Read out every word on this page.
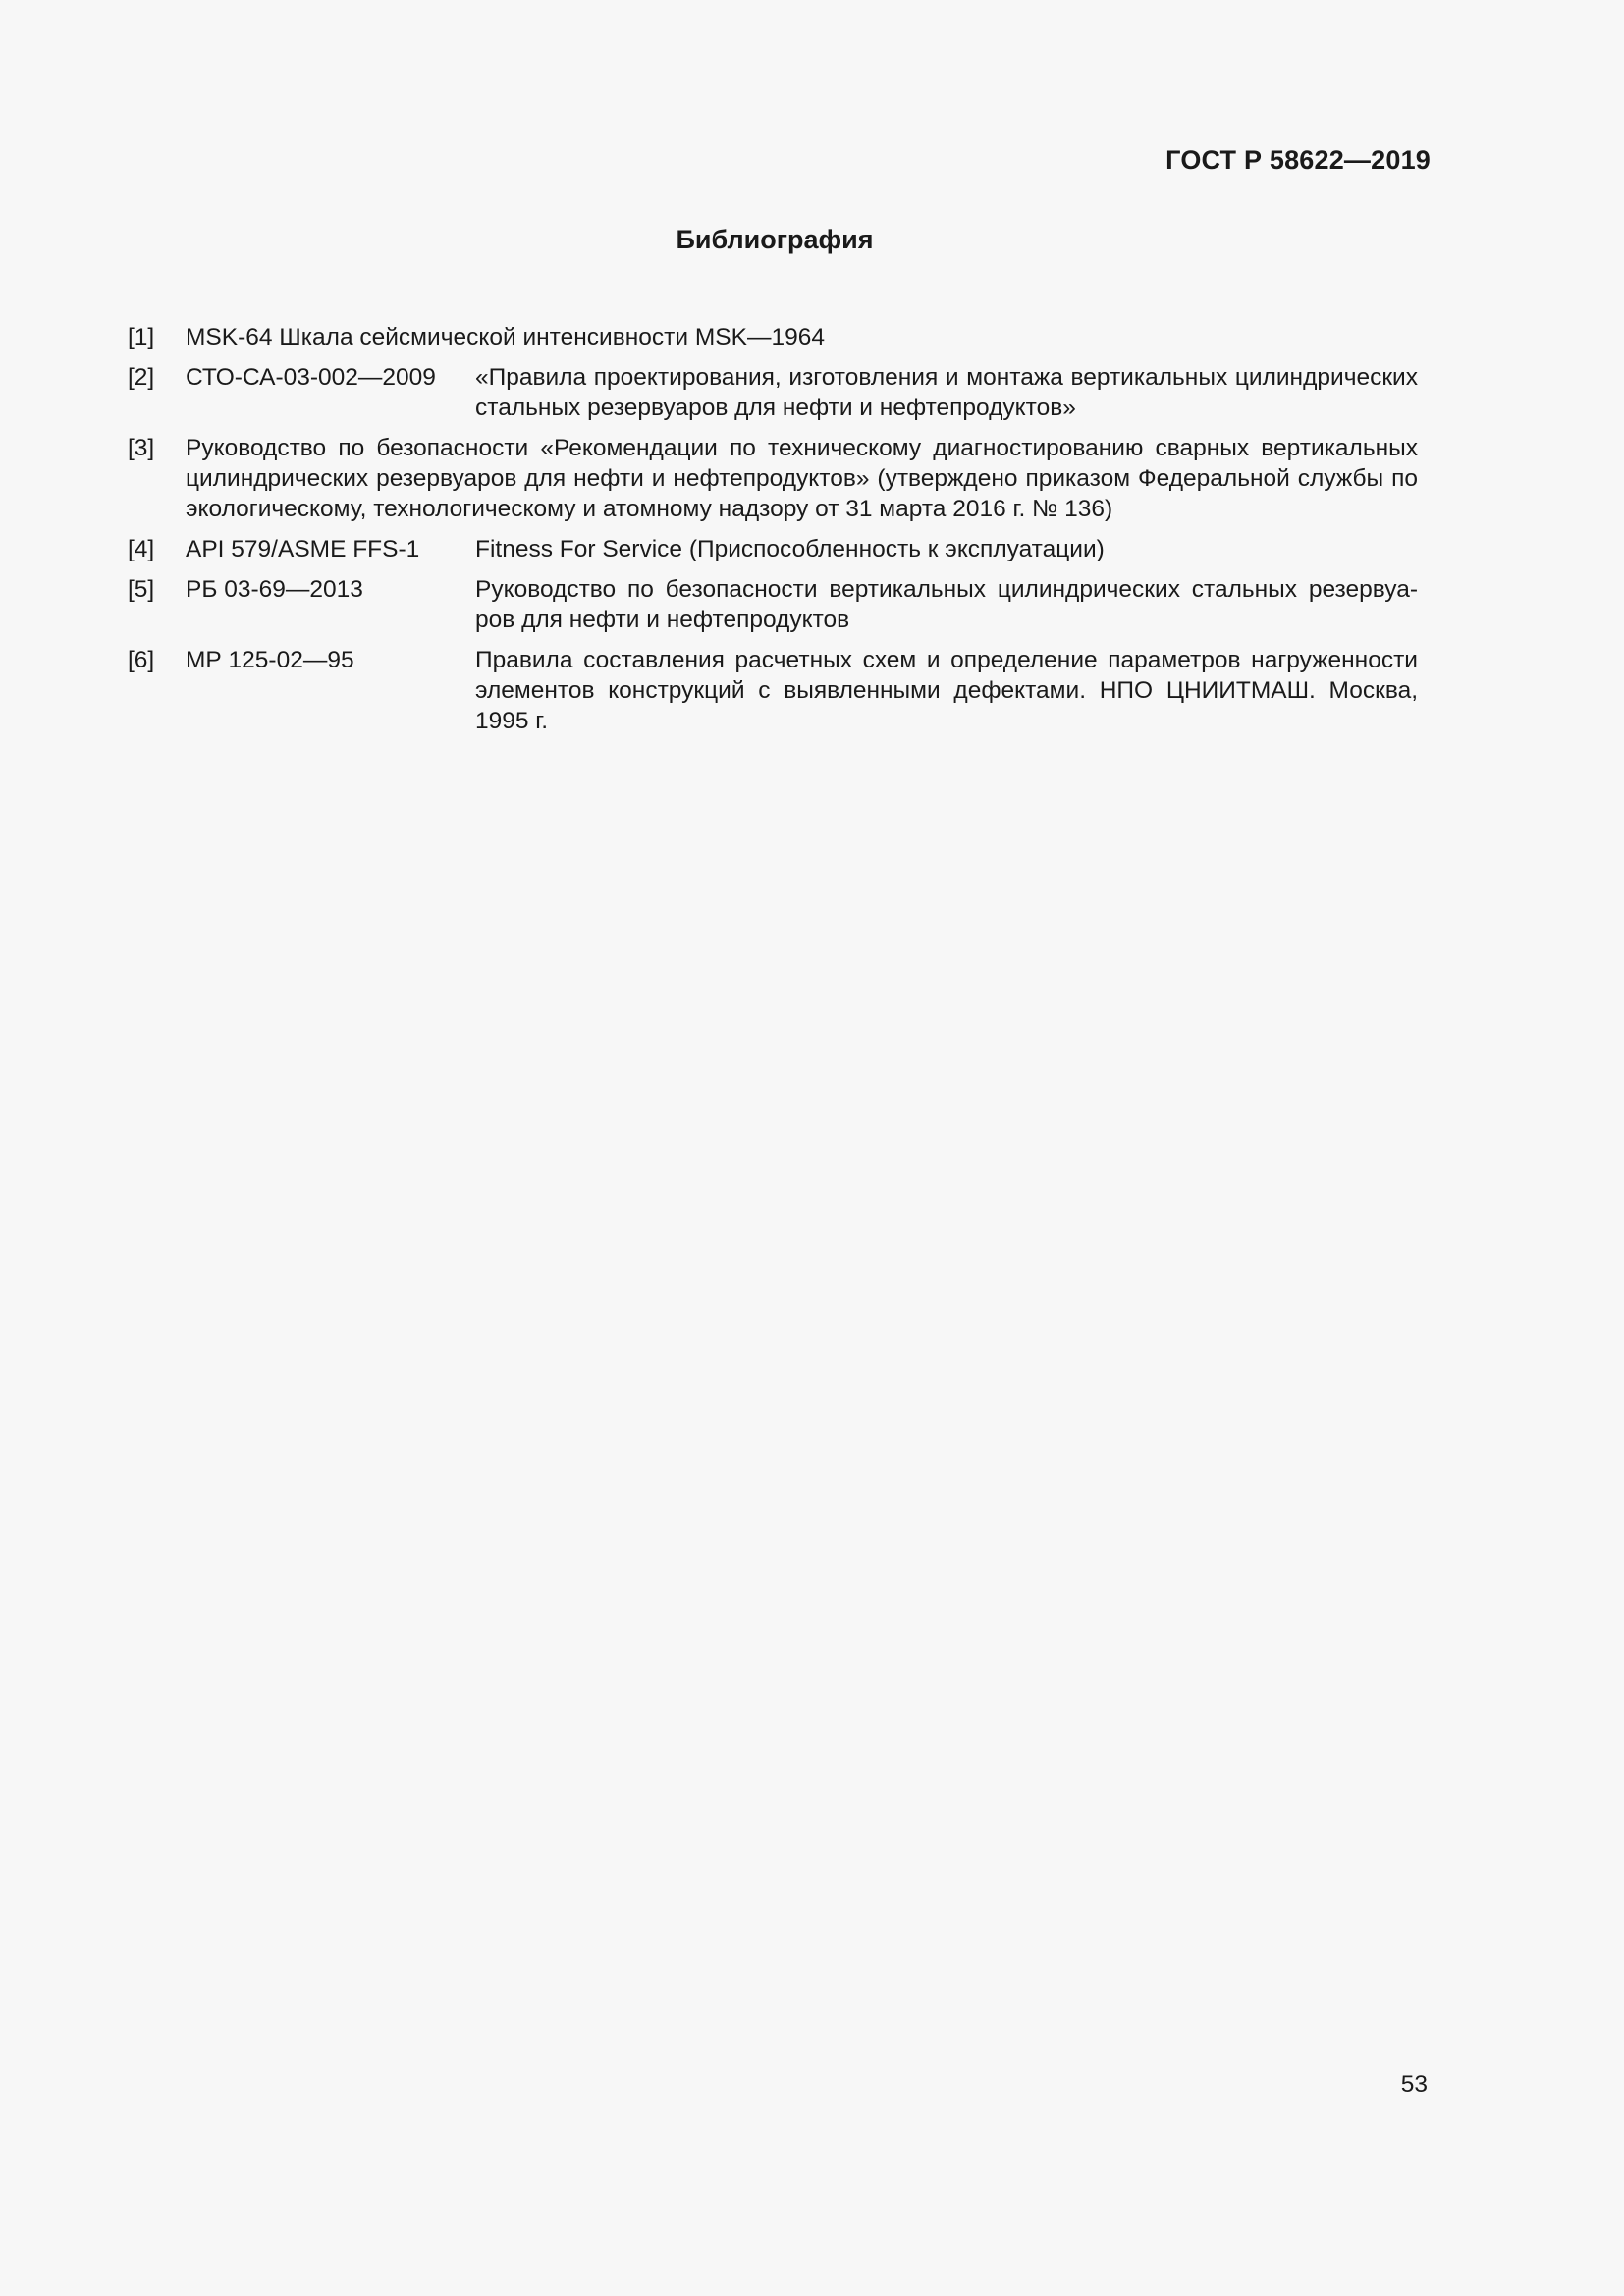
ГОСТ Р 58622—2019
Библиография
[1]	MSK-64 Шкала сейсмической интенсивности MSK—1964
[2]	СТО-СА-03-002—2009 «Правила проектирования, изготовления и монтажа вертикальных цилиндрических стальных резервуаров для нефти и нефтепродуктов»
[3]	Руководство по безопасности «Рекомендации по техническому диагностированию сварных вертикальных цилиндрических резервуаров для нефти и нефтепродуктов» (утверждено приказом Федеральной службы по экологическому, технологическому и атомному надзору от 31 марта 2016 г. № 136)
[4]	API 579/ASME FFS-1 Fitness For Service (Приспособленность к эксплуатации)
[5]	РБ 03-69—2013	Руководство по безопасности вертикальных цилиндрических стальных резервуаров для нефти и нефтепродуктов
[6]	МР 125-02—95	Правила составления расчетных схем и определение параметров нагруженности элементов конструкций с выявленными дефектами. НПО ЦНИИТМАШ. Москва, 1995 г.
53
